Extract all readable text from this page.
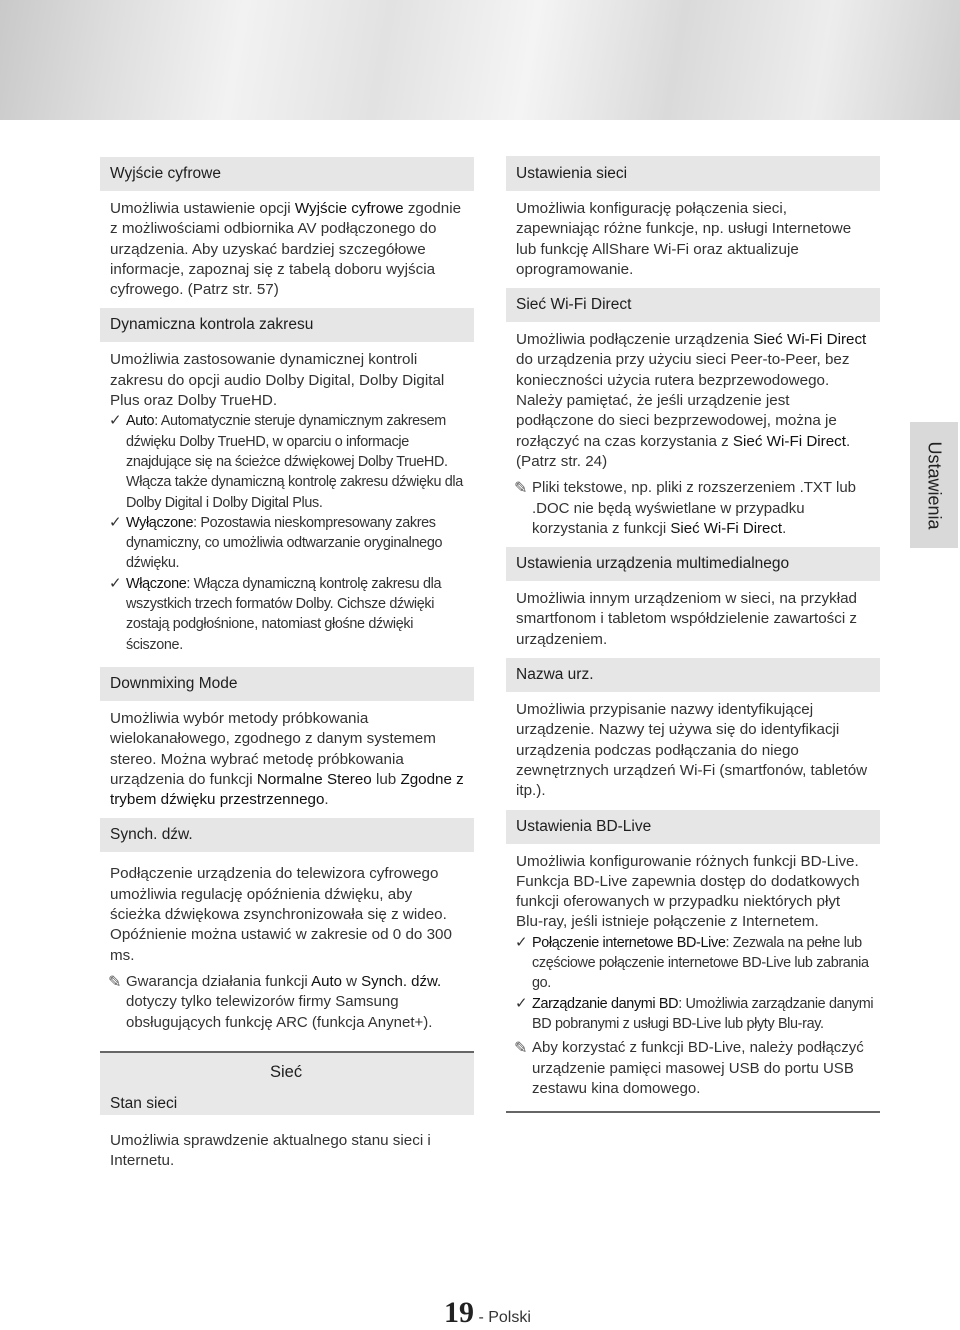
Wyjście cyfrowe

Umożliwia ustawienie opcji Wyjście cyfrowe zgodnie z możliwościami odbiornika AV podłączonego do urządzenia. Aby uzyskać bardziej szczegółowe informacje, zapoznaj się z tabelą doboru wyjścia cyfrowego. (Patrz str. 57)

Dynamiczna kontrola zakresu

Umożliwia zastosowanie dynamicznej kontroli zakresu do opcji audio Dolby Digital, Dolby Digital Plus oraz Dolby TrueHD.

✓ Auto: Automatycznie steruje dynamicznym zakresem dźwięku Dolby TrueHD, w oparciu o informacje znajdujące się na ścieżce dźwiękowej Dolby TrueHD. Włącza także dynamiczną kontrolę zakresu dźwięku dla Dolby Digital i Dolby Digital Plus.
✓ Wyłączone: Pozostawia nieskompresowany zakres dynamiczny, co umożliwia odtwarzanie oryginalnego dźwięku.
✓ Włączone: Włącza dynamiczną kontrolę zakresu dla wszystkich trzech formatów Dolby. Cichsze dźwięki zostają podgłośnione, natomiast głośne dźwięki ściszone.
Downmixing Mode

Umożliwia wybór metody próbkowania wielokanałowego, zgodnego z danym systemem stereo. Można wybrać metodę próbkowania urządzenia do funkcji Normalne Stereo lub Zgodne z trybem dźwięku przestrzennego.

Synch. dźw.

Podłączenie urządzenia do telewizora cyfrowego umożliwia regulację opóźnienia dźwięku, aby ścieżka dźwiękowa zsynchronizowała się z wideo. Opóźnienie można ustawić w zakresie od 0 do 300 ms.

✎ Gwarancja działania funkcji Auto w Synch. dźw. dotyczy tylko telewizorów firmy Samsung obsługujących funkcję ARC (funkcja Anynet+).
Sieć
Stan sieci

Umożliwia sprawdzenie aktualnego stanu sieci i Internetu.

Ustawienia sieci

Umożliwia konfigurację połączenia sieci, zapewniając różne funkcje, np. usługi Internetowe lub funkcję AllShare Wi-Fi oraz aktualizuje oprogramowanie.

Sieć Wi-Fi Direct

Umożliwia podłączenie urządzenia Sieć Wi-Fi Direct do urządzenia przy użyciu sieci Peer-to-Peer, bez konieczności użycia rutera bezprzewodowego. Należy pamiętać, że jeśli urządzenie jest podłączone do sieci bezprzewodowej, można je rozłączyć na czas korzystania z Sieć Wi-Fi Direct. (Patrz str. 24)

✎ Pliki tekstowe, np. pliki z rozszerzeniem .TXT lub .DOC nie będą wyświetlane w przypadku korzystania z funkcji Sieć Wi-Fi Direct.
Ustawienia urządzenia multimedialnego

Umożliwia innym urządzeniom w sieci, na przykład smartfonom i tabletom współdzielenie zawartości z urządzeniem.

Nazwa urz.

Umożliwia przypisanie nazwy identyfikującej urządzenie. Nazwy tej używa się do identyfikacji urządzenia podczas podłączania do niego zewnętrznych urządzeń Wi-Fi (smartfonów, tabletów itp.).

Ustawienia BD-Live

Umożliwia konfigurowanie różnych funkcji BD-Live. Funkcja BD-Live zapewnia dostęp do dodatkowych funkcji oferowanych w przypadku niektórych płyt Blu-ray, jeśli istnieje połączenie z Internetem.

✓ Połączenie internetowe BD-Live: Zezwala na pełne lub częściowe połączenie internetowe BD-Live lub zabrania go.
✓ Zarządzanie danymi BD: Umożliwia zarządzanie danymi BD pobranymi z usługi BD-Live lub płyty Blu-ray.
✎ Aby korzystać z funkcji BD-Live, należy podłączyć urządzenie pamięci masowej USB do portu USB zestawu kina domowego.
Ustawienia
19 - Polski
